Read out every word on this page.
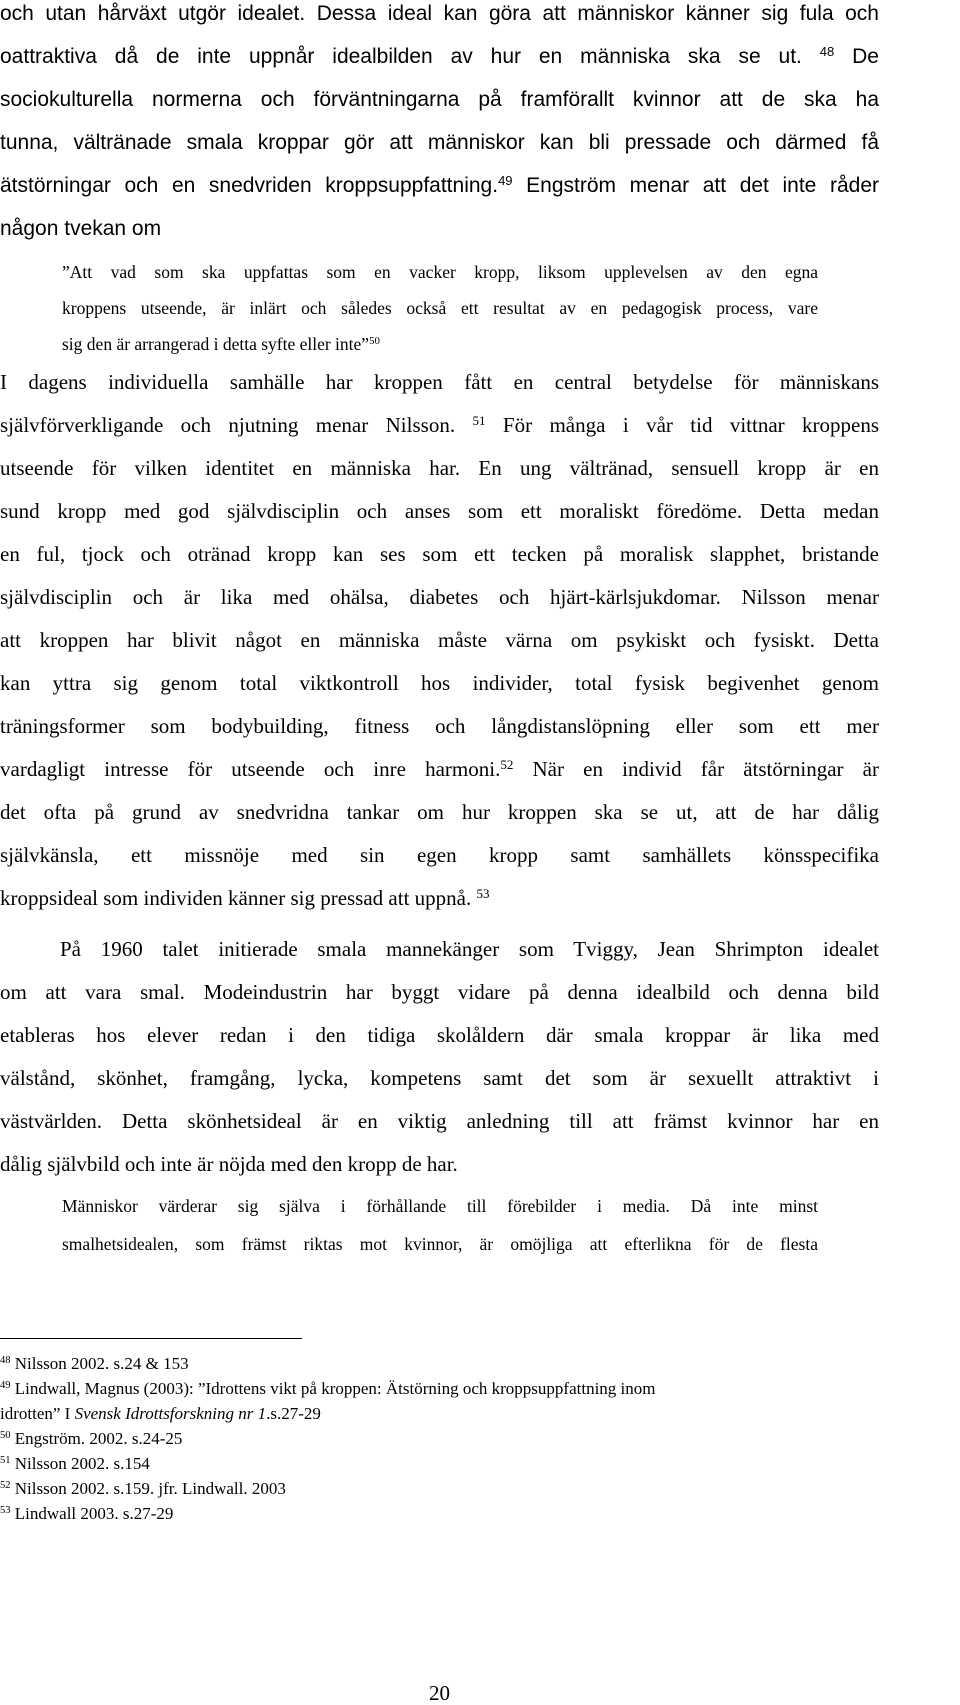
och utan hårväxt utgör idealet. Dessa ideal kan göra att människor känner sig fula och
oattraktiva då de inte uppnår idealbilden av hur en människa ska se ut. $^{48}$ De
sociokulturella normerna och förväntningarna på framförallt kvinnor att de ska ha
tunna, vältränade smala kroppar gör att människor kan bli pressade och därmed få
ätstörningar och en snedvriden kroppsuppfattning.$^{49}$ Engström menar att det inte råder
någon tvekan om
”Att vad som ska uppfattas som en vacker kropp, liksom upplevelsen av den egna
kroppens utseende, är inlärt och således också ett resultat av en pedagogisk process, vare
sig den är arrangerad i detta syfte eller inte”$^{50}$
I dagens individuella samhälle har kroppen fått en central betydelse för människans
självförverkligande och njutning menar Nilsson. $^{51}$ För många i vår tid vittnar kroppens
utseende för vilken identitet en människa har. En ung vältränad, sensuell kropp är en
sund kropp med god självdisciplin och anses som ett moraliskt föredöme. Detta medan
en ful, tjock och otränad kropp kan ses som ett tecken på moralisk slapphet, bristande
självdisciplin och är lika med ohälsa, diabetes och hjärt-kärlsjukdomar. Nilsson menar
att kroppen har blivit något en människa måste värna om psykiskt och fysiskt. Detta
kan yttra sig genom total viktkontroll hos individer, total fysisk begivenhet genom
träningsformer som bodybuilding, fitness och långdistanslöpning eller som ett mer
vardagligt intresse för utseende och inre harmoni.$^{52}$ När en individ får ätstörningar är
det ofta på grund av snedvridna tankar om hur kroppen ska se ut, att de har dålig
självkänsla, ett missnöje med sin egen kropp samt samhällets könsspecifika
kroppsideal som individen känner sig pressad att uppnå. $^{53}$
På 1960 talet initierade smala mannekänger som Tviggy, Jean Shrimpton idealet
om att vara smal. Modeindustrin har byggt vidare på denna idealbild och denna bild
etableras hos elever redan i den tidiga skolåldern där smala kroppar är lika med
välstånd, skönhet, framgång, lycka, kompetens samt det som är sexuellt attraktivt i
västvärlden. Detta skönhetsideal är en viktig anledning till att främst kvinnor har en
dålig självbild och inte är nöjda med den kropp de har.
Människor värderar sig själva i förhållande till förebilder i media. Då inte minst
smalhetsidealen, som främst riktas mot kvinnor, är omöjliga att efterlikna för de flesta
$^{48}$ Nilsson 2002. s.24 & 153
$^{49}$ Lindwall, Magnus (2003): ”Idrottens vikt på kroppen: Ätstörning och kroppsuppfattning inom
idrotten” I Svensk Idrottsforskning nr 1.s.27-29
$^{50}$ Engström. 2002. s.24-25
$^{51}$ Nilsson 2002. s.154
$^{52}$ Nilsson 2002. s.159. jfr. Lindwall. 2003
$^{53}$ Lindwall 2003. s.27-29
20
